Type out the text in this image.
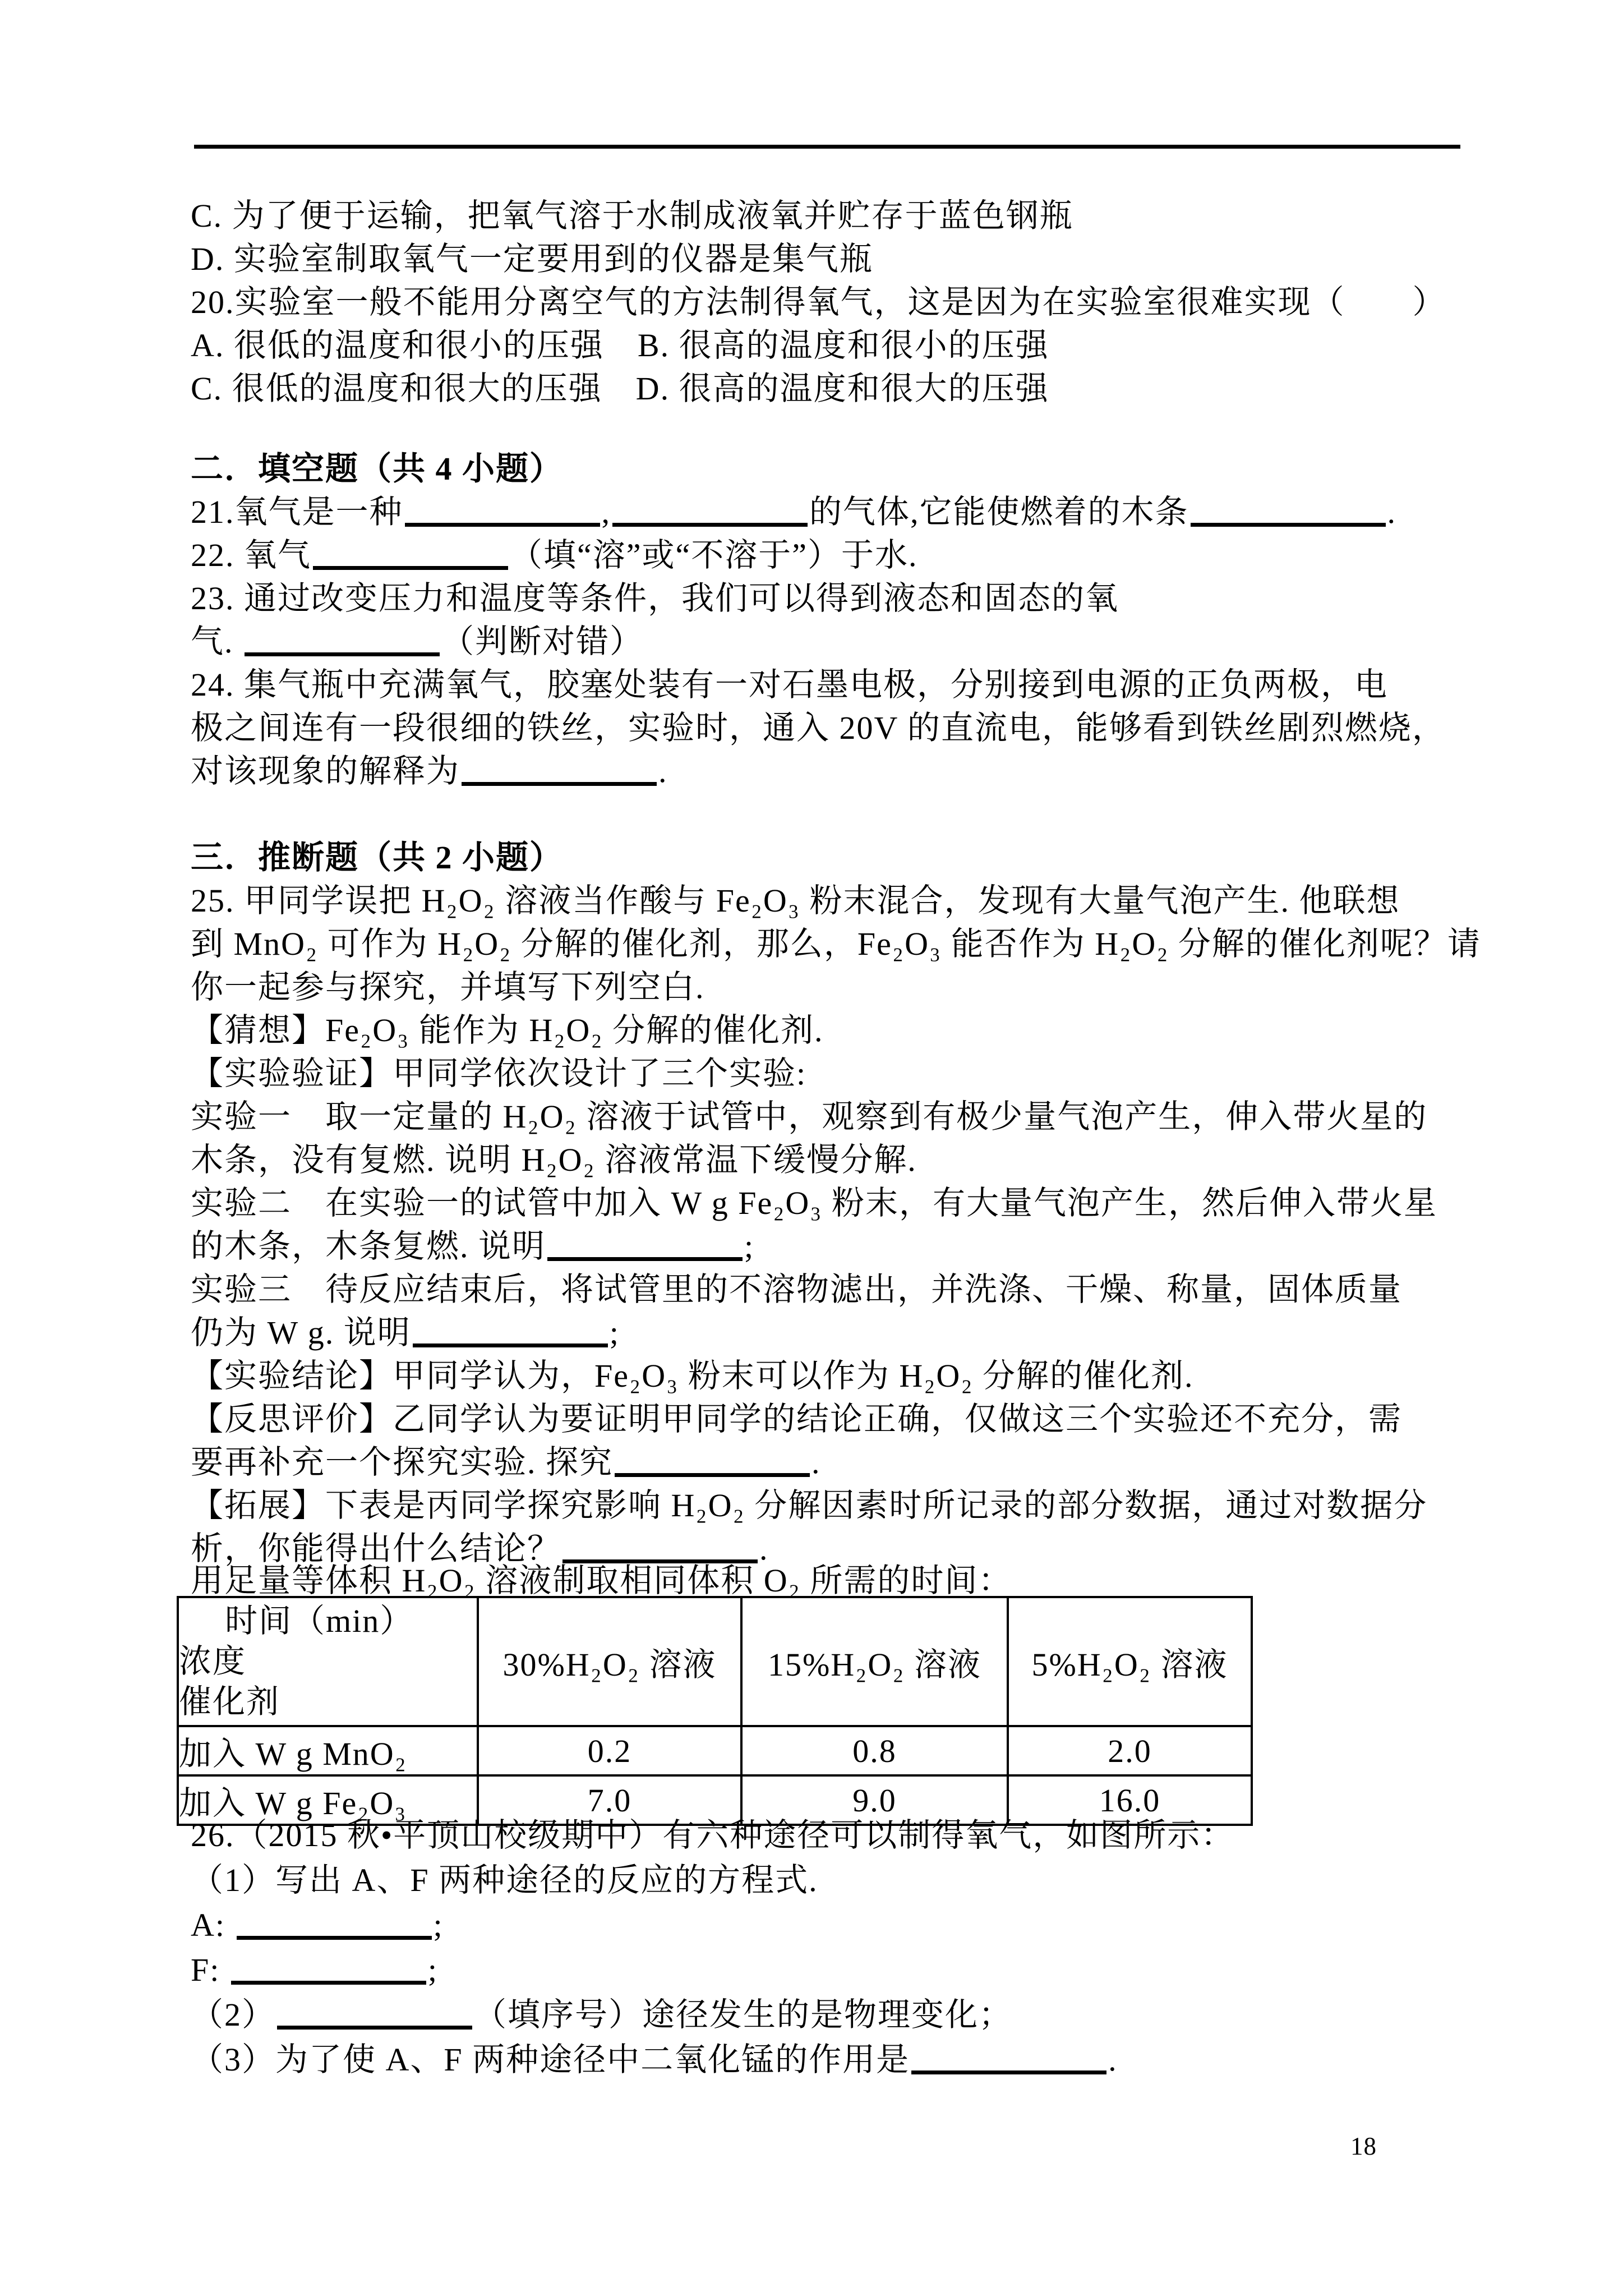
C. 为了便于运输，把氧气溶于水制成液氧并贮存于蓝色钢瓶
D. 实验室制取氧气一定要用到的仪器是集气瓶
20.实验室一般不能用分离空气的方法制得氧气，这是因为在实验室很难实现（　　）
A. 很低的温度和很小的压强　B. 很高的温度和很小的压强
C. 很低的温度和很大的压强　D. 很高的温度和很大的压强
二．填空题（共 4 小题）
21.氧气是一种	,	的气体,它能使燃着的木条	.
22. 氧气	（填“溶”或“不溶于”）于水.
23. 通过改变压力和温度等条件，我们可以得到液态和固态的氧
气.	（判断对错）
24. 集气瓶中充满氧气，胶塞处装有一对石墨电极，分别接到电源的正负两极，电
极之间连有一段很细的铁丝，实验时，通入 20V 的直流电，能够看到铁丝剧烈燃烧，
对该现象的解释为	.
三．推断题（共 2 小题）
25. 甲同学误把 H₂O₂ 溶液当作酸与 Fe₂O₃ 粉末混合，发现有大量气泡产生. 他联想
到 MnO₂ 可作为 H₂O₂ 分解的催化剂，那么，Fe₂O₃ 能否作为 H₂O₂ 分解的催化剂呢？请
你一起参与探究，并填写下列空白.
【猜想】Fe₂O₃ 能作为 H₂O₂ 分解的催化剂.
【实验验证】甲同学依次设计了三个实验:
实验一　取一定量的 H₂O₂ 溶液于试管中，观察到有极少量气泡产生，伸入带火星的
木条，没有复燃. 说明 H₂O₂ 溶液常温下缓慢分解.
实验二　在实验一的试管中加入 W g Fe₂O₃ 粉末，有大量气泡产生，然后伸入带火星
的木条，木条复燃. 说明	;
实验三　待反应结束后，将试管里的不溶物滤出，并洗涤、干燥、称量，固体质量
仍为 W g. 说明	;
【实验结论】甲同学认为，Fe₂O₃ 粉末可以作为 H₂O₂ 分解的催化剂.
【反思评价】乙同学认为要证明甲同学的结论正确，仅做这三个实验还不充分，需
要再补充一个探究实验. 探究	.
【拓展】下表是丙同学探究影响 H₂O₂ 分解因素时所记录的部分数据，通过对数据分
析，你能得出什么结论？	.
用足量等体积 H₂O₂ 溶液制取相同体积 O₂ 所需的时间：
时间（min）
浓度
催化剂	30%H₂O₂ 溶液	15%H₂O₂ 溶液	5%H₂O₂ 溶液
加入 W g MnO₂	0.2	0.8	2.0
加入 W g Fe₂O₃	7.0	9.0	16.0
26.（2015 秋•平顶山校级期中）有六种途径可以制得氧气，如图所示：
（1）写出 A、F 两种途径的反应的方程式.
A:	;
F:	;
（2）	（填序号）途径发生的是物理变化；
（3）为了使 A、F 两种途径中二氧化锰的作用是	.
18
